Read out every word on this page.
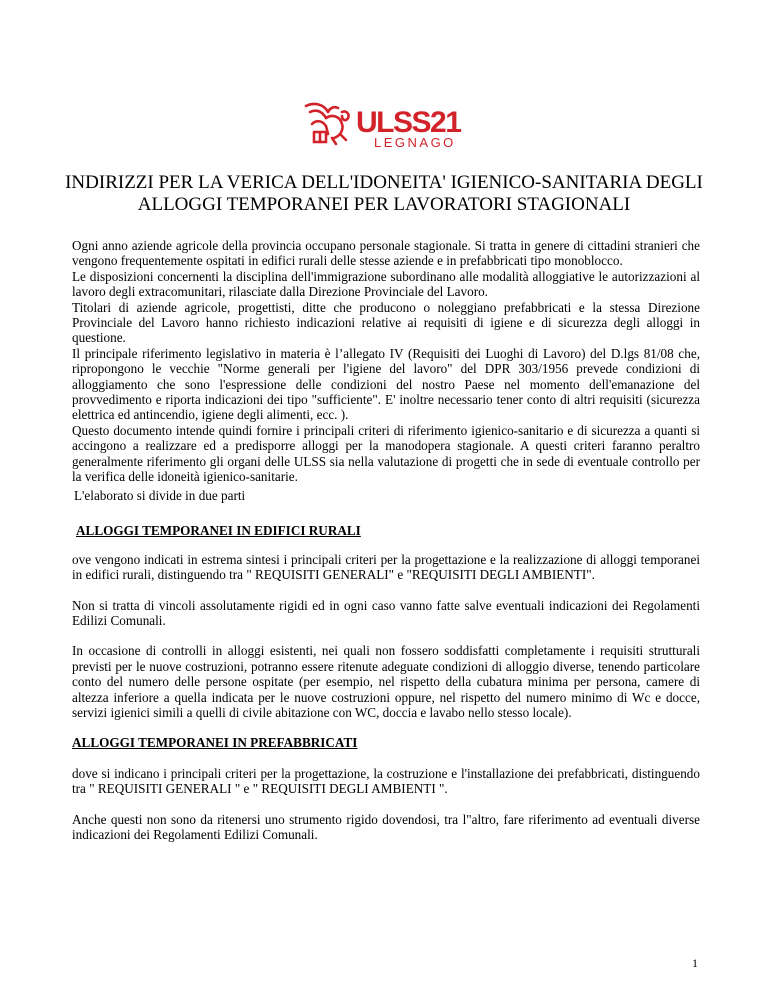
ULSS21
LEGNAGO
INDIRIZZI PER LA VERICA DELL'IDONEITA' IGIENICO-SANITARIA DEGLI
ALLOGGI TEMPORANEI PER LAVORATORI STAGIONALI

Ogni anno aziende agricole della provincia occupano personale stagionale. Si tratta in genere di cittadini stranieri che vengono frequentemente ospitati in edifici rurali delle stesse aziende e in prefabbricati tipo monoblocco.

Le disposizioni concernenti la disciplina dell'immigrazione subordinano alle modalità alloggiative le autorizzazioni al lavoro degli extracomunitari, rilasciate dalla Direzione Provinciale del Lavoro.

Titolari di aziende agricole, progettisti, ditte che producono o noleggiano prefabbricati e la stessa Direzione Provinciale del Lavoro hanno richiesto indicazioni relative ai requisiti di igiene e di sicurezza degli alloggi in questione.

Il principale riferimento legislativo in materia è l’allegato IV (Requisiti dei Luoghi di Lavoro) del D.lgs 81/08 che, ripropongono le vecchie "Norme generali per l'igiene del lavoro" del DPR 303/1956 prevede condizioni di alloggiamento che sono l'espressione delle condizioni del nostro Paese nel momento dell'emanazione del provvedimento e riporta indicazioni dei tipo "sufficiente". E' inoltre necessario tener conto di altri requisiti (sicurezza elettrica ed antincendio, igiene degli alimenti, ecc. ).

Questo documento intende quindi fornire i principali criteri di riferimento igienico-sanitario e di sicurezza a quanti si accingono a realizzare ed a predisporre alloggi per la manodopera stagionale. A questi criteri faranno peraltro generalmente riferimento gli organi delle ULSS sia nella valutazione di progetti che in sede di eventuale controllo per la verifica delle idoneità igienico-sanitarie.

L'elaborato si divide in due parti

ALLOGGI TEMPORANEI IN EDIFICI RURALI

ove vengono indicati in estrema sintesi i principali criteri per la progettazione e la realizzazione di alloggi temporanei in edifici rurali, distinguendo tra " REQUISITI GENERALI" e "REQUISITI DEGLI AMBIENTI".

Non si tratta di vincoli assolutamente rigidi ed in ogni caso vanno fatte salve eventuali indicazioni dei Regolamenti Edilizi Comunali.

In occasione di controlli in alloggi esistenti, nei quali non fossero soddisfatti completamente i requisiti strutturali previsti per le nuove costruzioni, potranno essere ritenute adeguate condizioni di alloggio diverse, tenendo particolare conto del numero delle persone ospitate (per esempio, nel rispetto della cubatura minima per persona, camere di altezza inferiore a quella indicata per le nuove costruzioni oppure, nel rispetto del numero minimo di Wc e docce, servizi igienici simili a quelli di civile abitazione con WC, doccia e lavabo nello stesso locale).

ALLOGGI TEMPORANEI IN PREFABBRICATI

dove si indicano i principali criteri per la progettazione, la costruzione e l'installazione dei prefabbricati, distinguendo tra " REQUISITI GENERALI " e " REQUISITI DEGLI AMBIENTI ".

Anche questi non sono da ritenersi uno strumento rigido dovendosi, tra l"altro, fare riferimento ad eventuali diverse indicazioni dei Regolamenti Edilizi Comunali.

1
